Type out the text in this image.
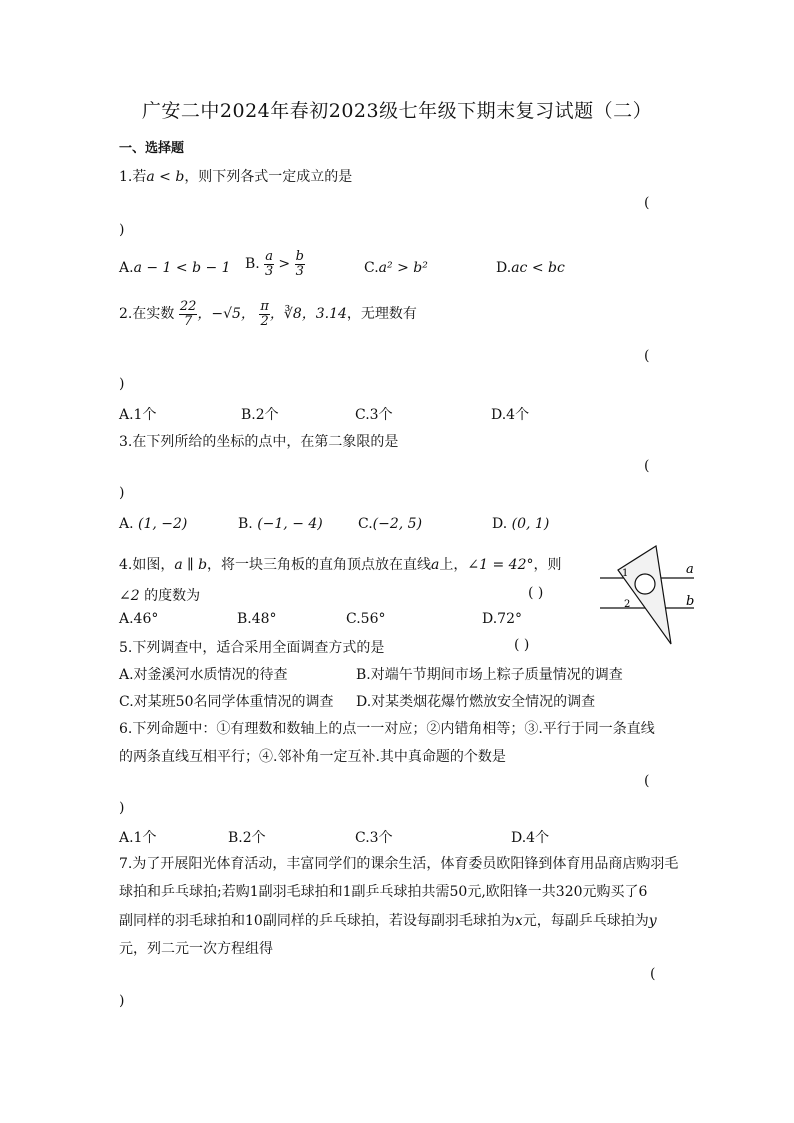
广安二中2024年春初2023级七年级下期末复习试题（二）
一、选择题
1.若a < b，则下列各式一定成立的是
(
)
A.a − 1 < b − 1 B. $\frac{a}{3} > \frac{b}{3}$	C.a² > b²	D.ac < bc
2.在实数 $\frac{22}{7}$ ，−√5， $\frac{\pi}{2}$ ，∛8，3.14，无理数有
(
)
A.1个	B.2个	C.3个	D.4个
3.在下列所给的坐标的点中，在第二象限的是
(
)
A. (1, −2)	B. (−1, − 4)	C.(−2, 5)	D. (0, 1)
4.如图，a ∥ b，将一块三角板的直角顶点放在直线a上，∠1 = 42°，则
∠2 的度数为	( )
A.46°	B.48°	C.56°	D.72°
a
b
1
2
5.下列调查中，适合采用全面调查方式的是	( )
A.对釜溪河水质情况的待查	B.对端午节期间市场上粽子质量情况的调查
C.对某班50名同学体重情况的调查 D.对某类烟花爆竹燃放安全情况的调查
6.下列命题中：①有理数和数轴上的点一一对应；②内错角相等；③.平行于同一条直线
的两条直线互相平行；④.邻补角一定互补.其中真命题的个数是
(
)
A.1个	B.2个	C.3个	D.4个
7.为了开展阳光体育活动，丰富同学们的课余生活，体育委员欧阳锋到体育用品商店购羽毛
球拍和乒乓球拍;若购1副羽毛球拍和1副乒乓球拍共需50元,欧阳锋一共320元购买了6
副同样的羽毛球拍和10副同样的乒乓球拍，若设每副羽毛球拍为x元，每副乒乓球拍为y
元，列二元一次方程组得
(
)
